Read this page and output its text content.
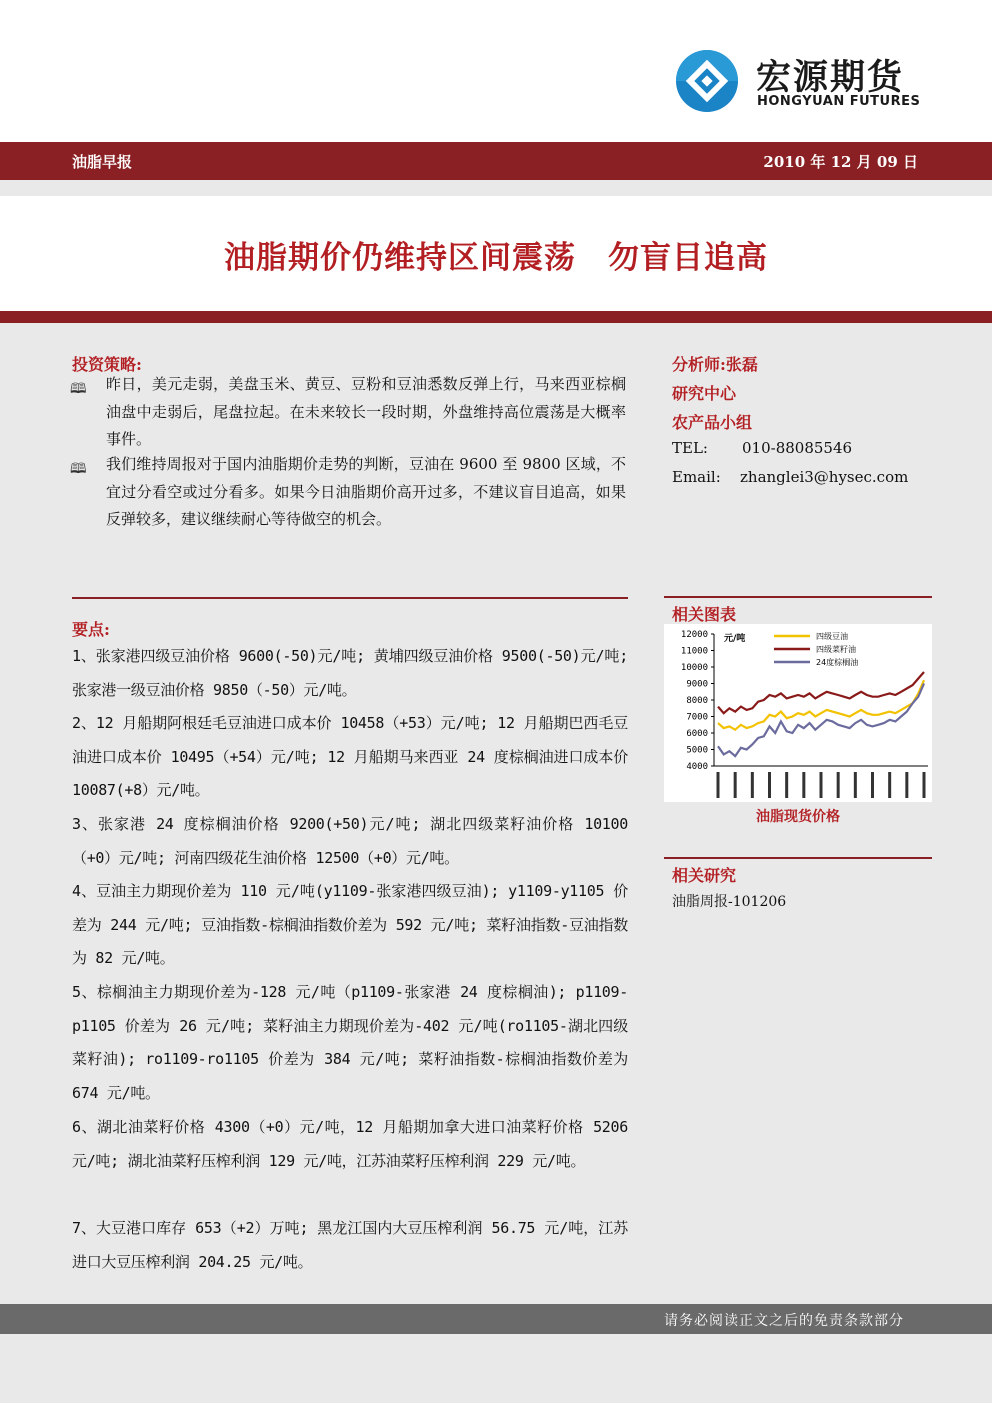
宏源期货
HONGYUAN FUTURES
油脂早报	2010 年 12 月 09 日
油脂期价仍维持区间震荡　勿盲目追高
投资策略:
🕮 昨日，美元走弱，美盘玉米、黄豆、豆粉和豆油悉数反弹上行，马来西亚棕榈油盘中走弱后，尾盘拉起。在未来较长一段时期，外盘维持高位震荡是大概率事件。
🕮 我们维持周报对于国内油脂期价走势的判断，豆油在 9600 至 9800 区域，不宜过分看空或过分看多。如果今日油脂期价高开过多，不建议盲目追高，如果反弹较多，建议继续耐心等待做空的机会。
分析师:张磊
研究中心
农产品小组
TEL: 010-88085546
Email: zhanglei3@hysec.com
要点:
1、张家港四级豆油价格 9600(-50)元/吨; 黄埔四级豆油价格 9500(-50)元/吨; 张家港一级豆油价格 9850（-50）元/吨。
2、12 月船期阿根廷毛豆油进口成本价 10458（+53）元/吨; 12 月船期巴西毛豆油进口成本价 10495（+54）元/吨; 12 月船期马来西亚 24 度棕榈油进口成本价 10087(+8）元/吨。
3、张家港 24 度棕榈油价格 9200(+50)元/吨; 湖北四级菜籽油价格 10100（+0）元/吨; 河南四级花生油价格 12500（+0）元/吨。
4、豆油主力期现价差为 110 元/吨(y1109-张家港四级豆油); y1109-y1105 价差为 244 元/吨; 豆油指数-棕榈油指数价差为 592 元/吨; 菜籽油指数-豆油指数为 82 元/吨。
5、棕榈油主力期现价差为-128 元/吨（p1109-张家港 24 度棕榈油); p1109-p1105 价差为 26 元/吨; 菜籽油主力期现价差为-402 元/吨(ro1105-湖北四级菜籽油); ro1109-ro1105 价差为 384 元/吨; 菜籽油指数-棕榈油指数价差为 674 元/吨。
6、湖北油菜籽价格 4300（+0）元/吨，12 月船期加拿大进口油菜籽价格 5206 元/吨; 湖北油菜籽压榨利润 129 元/吨，江苏油菜籽压榨利润 229 元/吨。
7、大豆港口库存 653（+2）万吨; 黑龙江国内大豆压榨利润 56.75 元/吨，江苏进口大豆压榨利润 204.25 元/吨。
相关图表
4000
5000
6000
7000
8000
9000
10000
11000
12000	四级豆油
四级菜籽油
24度棕榈油
元/吨
油脂现货价格
相关研究
油脂周报-101206
请务必阅读正文之后的免责条款部分
